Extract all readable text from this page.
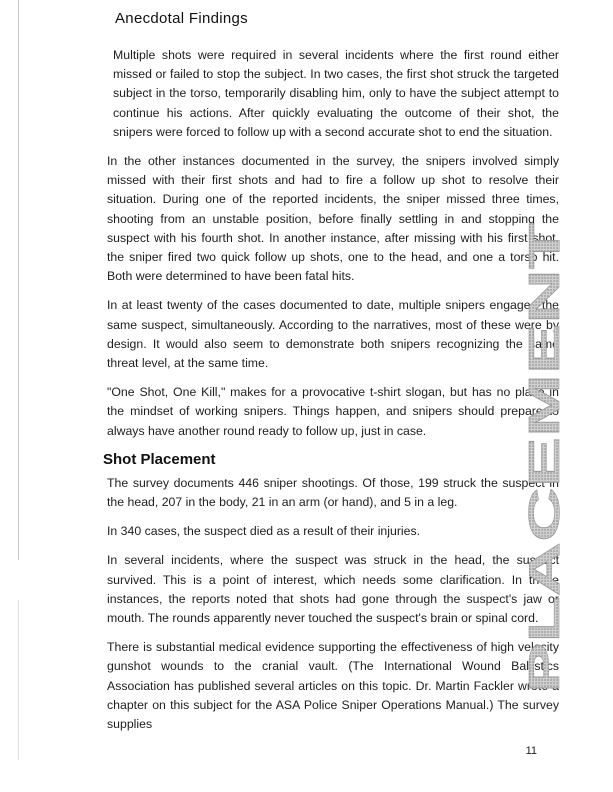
Anecdotal Findings

Multiple shots were required in several incidents where the first round either missed or failed to stop the subject. In two cases, the first shot struck the targeted subject in the torso, temporarily disabling him, only to have the subject attempt to continue his actions. After quickly evaluating the outcome of their shot, the snipers were forced to follow up with a second accurate shot to end the situation.

In the other instances documented in the survey, the snipers involved simply missed with their first shots and had to fire a follow up shot to resolve their situation. During one of the reported incidents, the sniper missed three times, shooting from an unstable position, before finally settling in and stopping the suspect with his fourth shot. In another instance, after missing with his first shot, the sniper fired two quick follow up shots, one to the head, and one a torso hit. Both were determined to have been fatal hits.

In at least twenty of the cases documented to date, multiple snipers engaged the same suspect, simultaneously. According to the narratives, most of these were by design. It would also seem to demonstrate both snipers recognizing the same threat level, at the same time.

"One Shot, One Kill," makes for a provocative t-shirt slogan, but has no place in the mindset of working snipers. Things happen, and snipers should prepare to always have another round ready to follow up, just in case.

Shot Placement

The survey documents 446 sniper shootings. Of those, 199 struck the suspect in the head, 207 in the body, 21 in an arm (or hand), and 5 in a leg.

In 340 cases, the suspect died as a result of their injuries.

In several incidents, where the suspect was struck in the head, the suspect survived. This is a point of interest, which needs some clarification. In those instances, the reports noted that shots had gone through the suspect's jaw or mouth. The rounds apparently never touched the suspect's brain or spinal cord.

There is substantial medical evidence supporting the effectiveness of high velocity gunshot wounds to the cranial vault. (The International Wound Ballistics Association has published several articles on this topic. Dr. Martin Fackler wrote a chapter on this subject for the ASA Police Sniper Operations Manual.) The survey supplies

PLACEMENT
11
